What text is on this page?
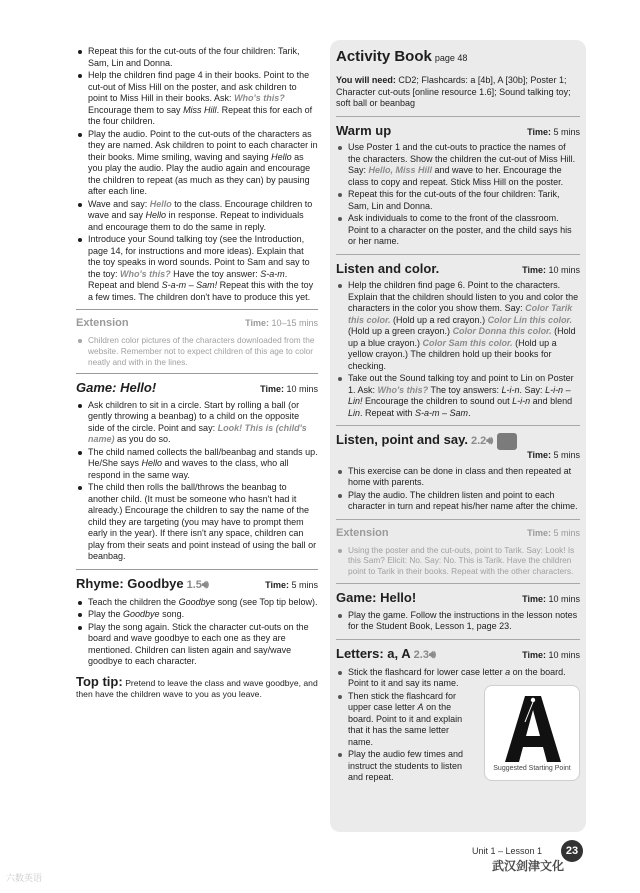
Repeat this for the cut-outs of the four children: Tarik, Sam, Lin and Donna.
Help the children find page 4 in their books. Point to the cut-out of Miss Hill on the poster, and ask children to point to Miss Hill in their books. Ask: Who's this? Encourage them to say Miss Hill. Repeat this for each of the four children.
Play the audio. Point to the cut-outs of the characters as they are named. Ask children to point to each character in their books. Mime smiling, waving and saying Hello as you play the audio. Play the audio again and encourage the children to repeat (as much as they can) by pausing after each line.
Wave and say: Hello to the class. Encourage children to wave and say Hello in response. Repeat to individuals and encourage them to do the same in reply.
Introduce your Sound talking toy (see the Introduction, page 14, for instructions and more ideas). Explain that the toy speaks in word sounds. Point to Sam and say to the toy: Who's this? Have the toy answer: S-a-m. Repeat and blend S-a-m – Sam! Repeat this with the toy a few times. The children don't have to produce this yet.
Extension	Time: 10–15 mins
Children color pictures of the characters downloaded from the website. Remember not to expect children of this age to color neatly and with in the lines.
Game: Hello!	Time: 10 mins
Ask children to sit in a circle. Start by rolling a ball (or gently throwing a beanbag) to a child on the opposite side of the circle. Point and say: Look! This is (child's name) as you do so.
The child named collects the ball/beanbag and stands up. He/She says Hello and waves to the class, who all respond in the same way.
The child then rolls the ball/throws the beanbag to another child. (It must be someone who hasn't had it already.) Encourage the children to say the name of the child they are targeting (you may have to prompt them early in the year). If there isn't any space, children can play from their seats and point instead of using the ball or beanbag.
Rhyme: Goodbye 1.5🔊︎	Time: 5 mins
Teach the children the Goodbye song (see Top tip below).
Play the Goodbye song.
Play the song again. Stick the character cut-outs on the board and wave goodbye to each one as they are mentioned. Children can listen again and say/wave goodbye to each character.
Top tip: Pretend to leave the class and wave goodbye, and then have the children wave to you as you leave.
Activity Book page 48
You will need: CD2; Flashcards: a [4b], A [30b]; Poster 1; Character cut-outs [online resource 1.6]; Sound talking toy; soft ball or beanbag
Warm up	Time: 5 mins
Use Poster 1 and the cut-outs to practice the names of the characters. Show the children the cut-out of Miss Hill. Say: Hello, Miss Hill and wave to her. Encourage the class to copy and repeat. Stick Miss Hill on the poster.
Repeat this for the cut-outs of the four children: Tarik, Sam, Lin and Donna.
Ask individuals to come to the front of the classroom. Point to a character on the poster, and the child says his or her name.
Listen and color.	Time: 10 mins
Help the children find page 6. Point to the characters. Explain that the children should listen to you and color the characters in the color you show them. Say: Color Tarik this color. (Hold up a red crayon.) Color Lin this color. (Hold up a green crayon.) Color Donna this color. (Hold up a blue crayon.) Color Sam this color. (Hold up a yellow crayon.) The children hold up their books for checking.
Take out the Sound talking toy and point to Lin on Poster 1. Ask: Who's this? The toy answers: L-i-n. Say: L-i-n – Lin! Encourage the children to sound out L-i-n and blend Lin. Repeat with S-a-m – Sam.
Listen, point and say. 2.2🔊︎
Time: 5 mins
This exercise can be done in class and then repeated at home with parents.
Play the audio. The children listen and point to each character in turn and repeat his/her name after the chime.
Extension	Time: 5 mins
Using the poster and the cut-outs, point to Tarik. Say: Look! Is this Sam? Elicit: No. Say: No. This is Tarik. Have the children point to Tarik in their books. Repeat with the other characters.
Game: Hello!	Time: 10 mins
Play the game. Follow the instructions in the lesson notes for the Student Book, Lesson 1, page 23.
Letters: a, A 2.3🔊︎	Time: 10 mins
Stick the flashcard for lower case letter a on the board. Point to it and say its name.
Then stick the flashcard for upper case letter A on the board. Point to it and explain that it has the same letter name.
Play the audio few times and instruct the students to listen and repeat.
Suggested Starting Point
Unit 1 – Lesson 1	23
六数英语
武汉剑津文化
